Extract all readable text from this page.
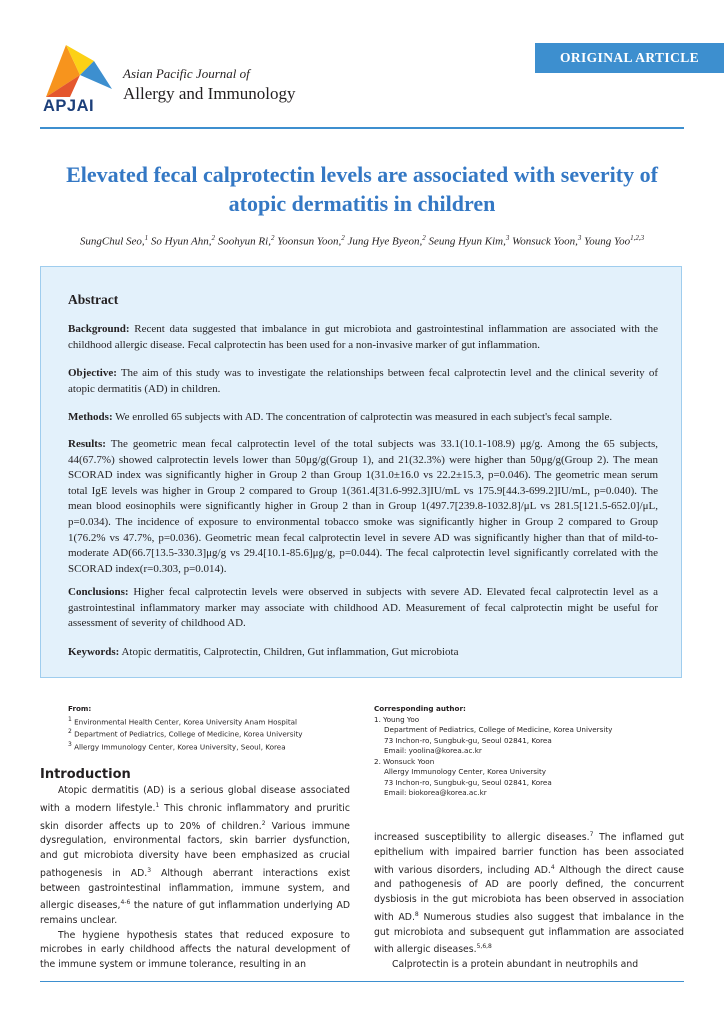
ORIGINAL ARTICLE
APJAI
Asian Pacific Journal of
Allergy and Immunology
Elevated fecal calprotectin levels are associated with severity of atopic dermatitis in children
SungChul Seo,$^1$ So Hyun Ahn,$^2$ Soohyun Ri,$^2$ Yoonsun Yoon,$^2$ Jung Hye Byeon,$^2$ Seung Hyun Kim,$^3$ Wonsuck Yoon,$^3$ Young Yoo$^{1,2,3}$
Abstract
Background: Recent data suggested that imbalance in gut microbiota and gastrointestinal inflammation are associated with the childhood allergic disease. Fecal calprotectin has been used for a non-invasive marker of gut inflammation.
Objective: The aim of this study was to investigate the relationships between fecal calprotectin level and the clinical severity of atopic dermatitis (AD) in children.
Methods: We enrolled 65 subjects with AD. The concentration of calprotectin was measured in each subject's fecal sample.
Results: The geometric mean fecal calprotectin level of the total subjects was 33.1(10.1-108.9) μg/g. Among the 65 subjects, 44(67.7%) showed calprotectin levels lower than 50μg/g(Group 1), and 21(32.3%) were higher than 50μg/g(Group 2). The mean SCORAD index was significantly higher in Group 2 than Group 1(31.0±16.0 vs 22.2±15.3, p=0.046). The geometric mean serum total IgE levels was higher in Group 2 compared to Group 1(361.4[31.6-992.3]IU/mL vs 175.9[44.3-699.2]IU/mL, p=0.040). The mean blood eosinophils were significantly higher in Group 2 than in Group 1(497.7[239.8-1032.8]/μL vs 281.5[121.5-652.0]/μL, p=0.034). The incidence of exposure to environmental tobacco smoke was significantly higher in Group 2 compared to Group 1(76.2% vs 47.7%, p=0.036). Geometric mean fecal calprotectin level in severe AD was significantly higher than that of mild-to-moderate AD(66.7[13.5-330.3]μg/g vs 29.4[10.1-85.6]μg/g, p=0.044). The fecal calprotectin level significantly correlated with the SCORAD index(r=0.303, p=0.014).
Conclusions: Higher fecal calprotectin levels were observed in subjects with severe AD. Elevated fecal calprotectin level as a gastrointestinal inflammatory marker may associate with childhood AD. Measurement of fecal calprotectin might be useful for assessment of severity of childhood AD.
Keywords: Atopic dermatitis, Calprotectin, Children, Gut inflammation, Gut microbiota
From:
$^1$ Environmental Health Center, Korea University Anam Hospital
$^2$ Department of Pediatrics, College of Medicine, Korea University
$^3$ Allergy Immunology Center, Korea University, Seoul, Korea
Corresponding author:
1. Young Yoo
Department of Pediatrics, College of Medicine, Korea University
73 Inchon-ro, Sungbuk-gu, Seoul 02841, Korea
Email: yoolina@korea.ac.kr
2. Wonsuck Yoon
Allergy Immunology Center, Korea University
73 Inchon-ro, Sungbuk-gu, Seoul 02841, Korea
Email: biokorea@korea.ac.kr
Introduction

Atopic dermatitis (AD) is a serious global disease associated with a modern lifestyle.$^1$ This chronic inflammatory and pruritic skin disorder affects up to 20% of children.$^2$ Various immune dysregulation, environmental factors, skin barrier dysfunction, and gut microbiota diversity have been emphasized as crucial pathogenesis in AD.$^3$ Although aberrant interactions exist between gastrointestinal inflammation, immune system, and allergic diseases,$^{4-6}$ the nature of gut inflammation underlying AD remains unclear.

The hygiene hypothesis states that reduced exposure to microbes in early childhood affects the natural development of the immune system or immune tolerance, resulting in an

increased susceptibility to allergic diseases.$^7$ The inflamed gut epithelium with impaired barrier function has been associated with various disorders, including AD.$^4$ Although the direct cause and pathogenesis of AD are poorly defined, the concurrent dysbiosis in the gut microbiota has been observed in association with AD.$^8$ Numerous studies also suggest that imbalance in the gut microbiota and subsequent gut inflammation are associated with allergic diseases.$^{5,6,8}$

Calprotectin is a protein abundant in neutrophils and
